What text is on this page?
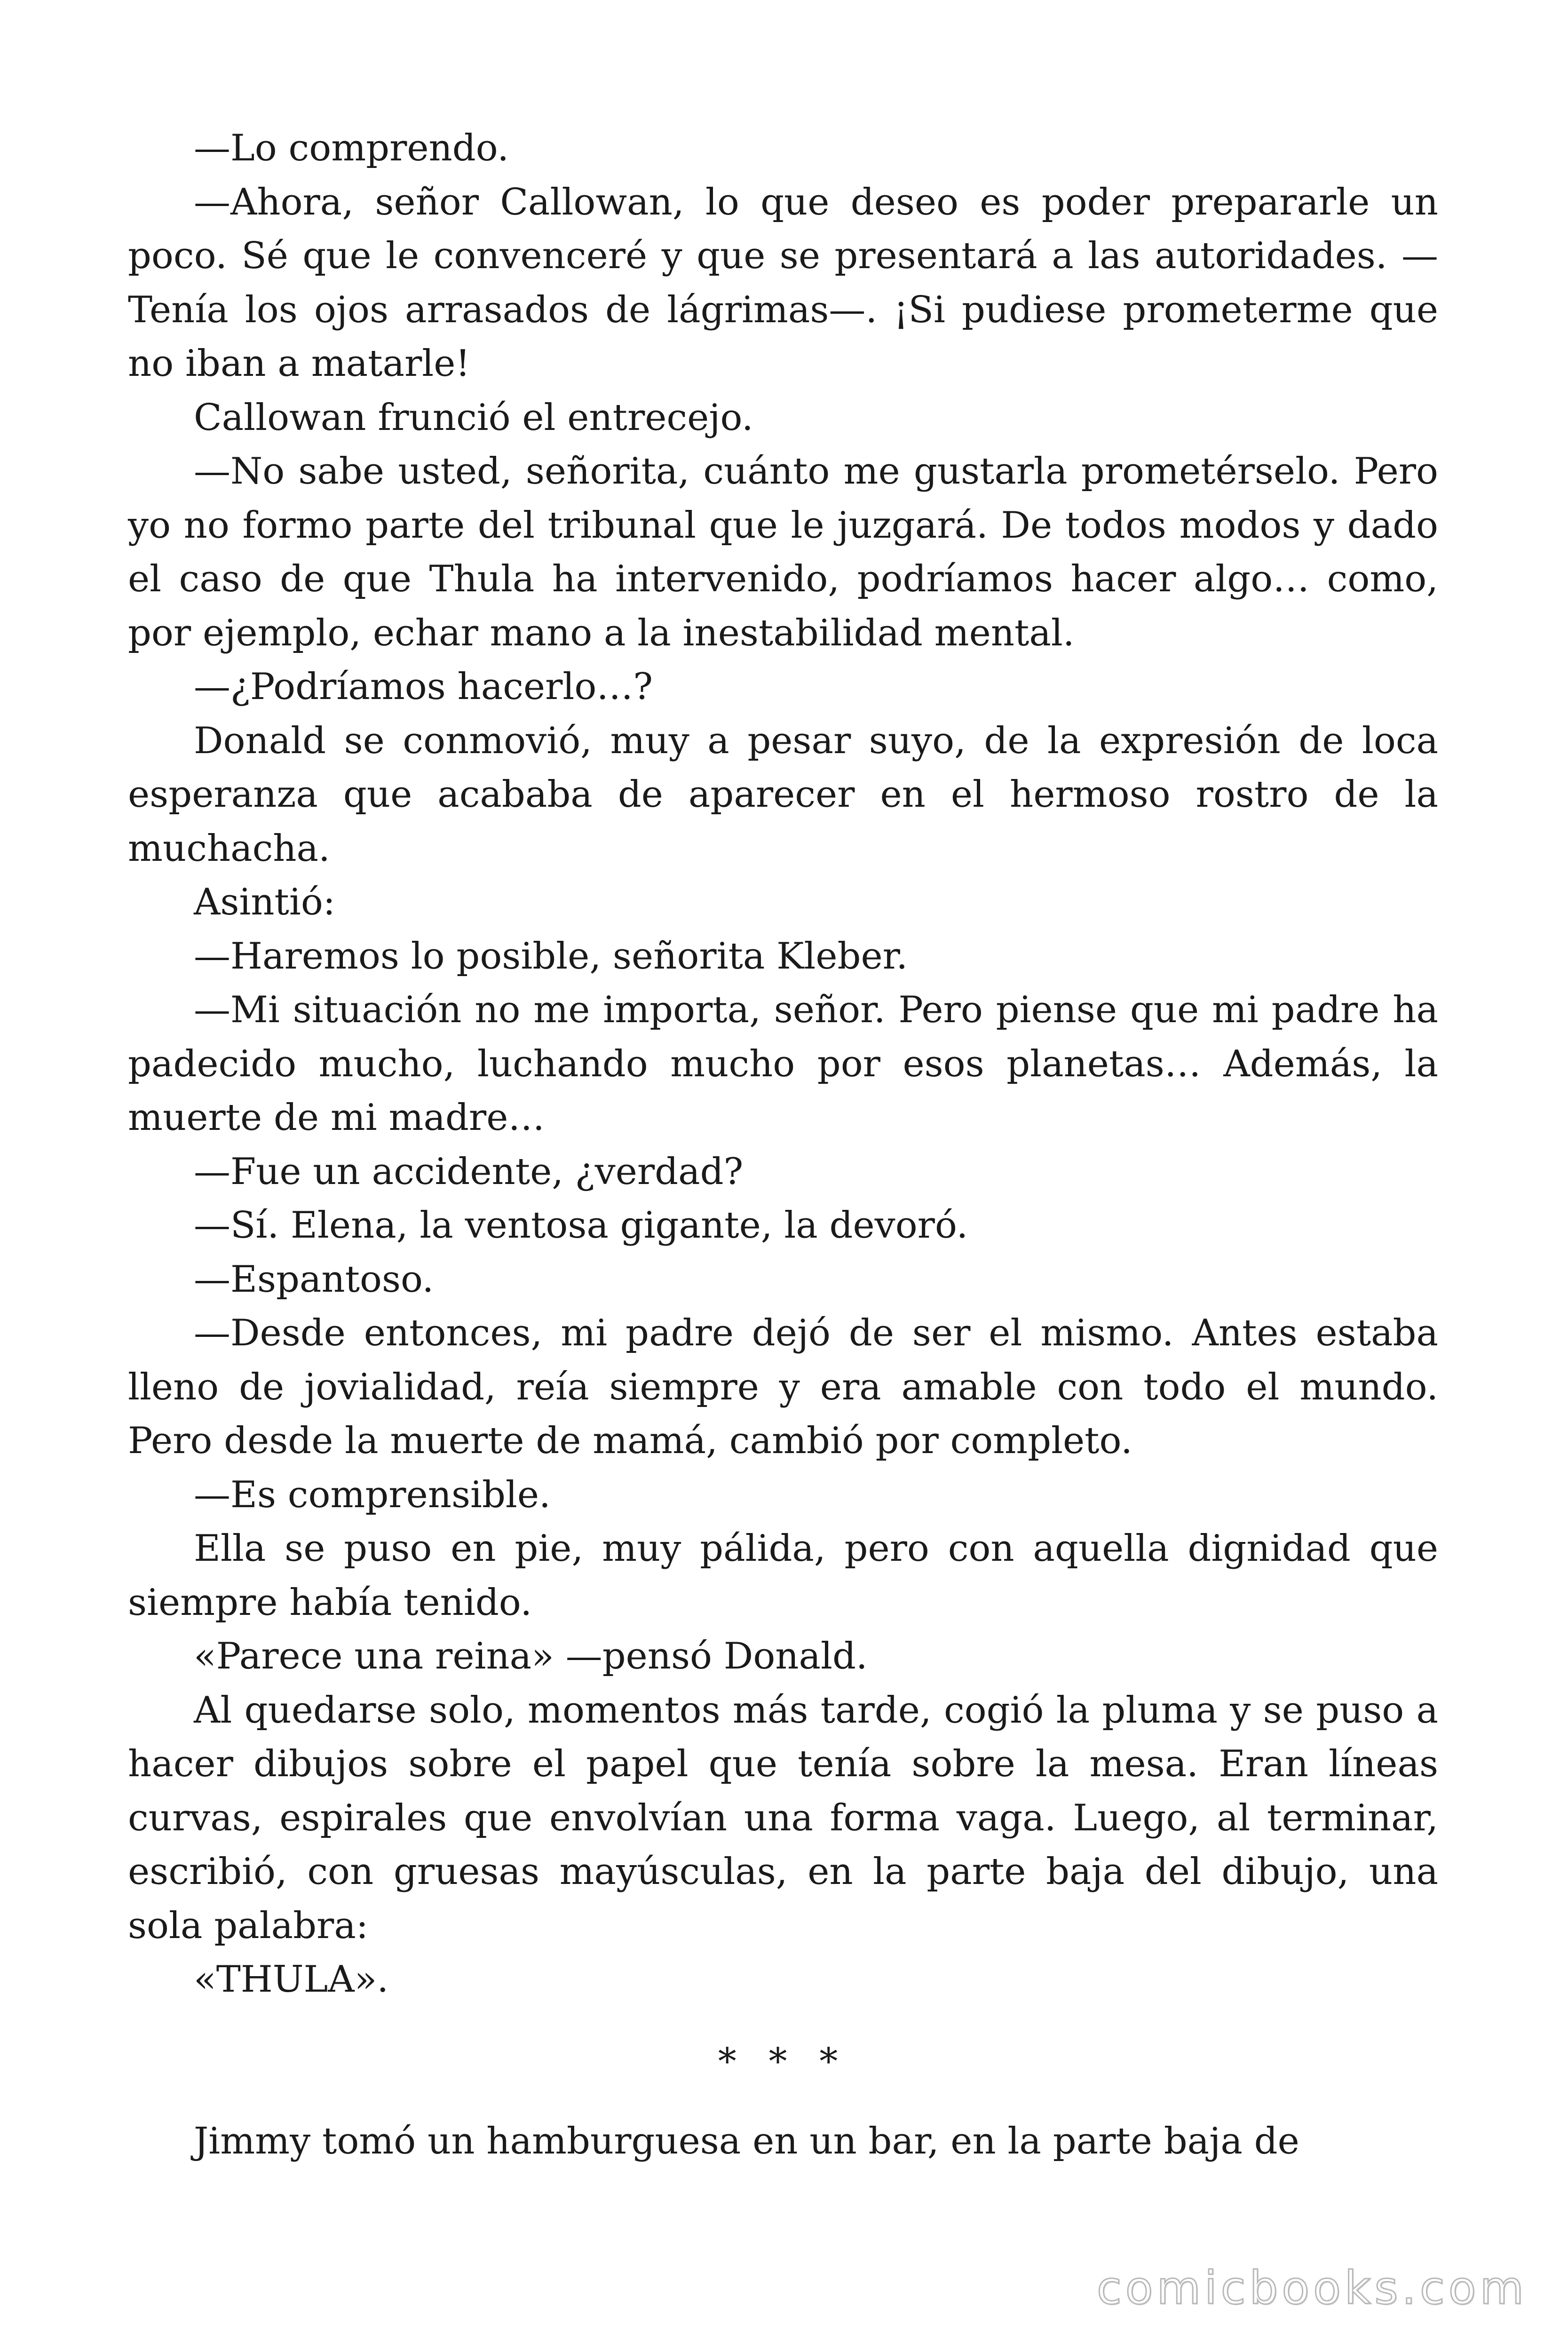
—Lo comprendo.

—Ahora, señor Callowan, lo que deseo es poder prepararle un poco. Sé que le convenceré y que se presentará a las autoridades. —Tenía los ojos arrasados de lágrimas—. ¡Si pudiese prometerme que no iban a matarle!

Callowan frunció el entrecejo.

—No sabe usted, señorita, cuánto me gustarla prometérselo. Pero yo no formo parte del tribunal que le juzgará. De todos modos y dado el caso de que Thula ha intervenido, podríamos hacer algo… como, por ejemplo, echar mano a la inestabilidad mental.

—¿Podríamos hacerlo…?

Donald se conmovió, muy a pesar suyo, de la expresión de loca esperanza que acababa de aparecer en el hermoso rostro de la muchacha.

Asintió:

—Haremos lo posible, señorita Kleber.

—Mi situación no me importa, señor. Pero piense que mi padre ha padecido mucho, luchando mucho por esos planetas… Además, la muerte de mi madre…

—Fue un accidente, ¿verdad?

—Sí. Elena, la ventosa gigante, la devoró.

—Espantoso.

—Desde entonces, mi padre dejó de ser el mismo. Antes estaba lleno de jovialidad, reía siempre y era amable con todo el mundo. Pero desde la muerte de mamá, cambió por completo.

—Es comprensible.

Ella se puso en pie, muy pálida, pero con aquella dignidad que siempre había tenido.

«Parece una reina» —pensó Donald.

Al quedarse solo, momentos más tarde, cogió la pluma y se puso a hacer dibujos sobre el papel que tenía sobre la mesa. Eran líneas curvas, espirales que envolvían una forma vaga. Luego, al terminar, escribió, con gruesas mayúsculas, en la parte baja del dibujo, una sola palabra:

«THULA».

* * *

Jimmy tomó un hamburguesa en un bar, en la parte baja de

comicbooks.com
